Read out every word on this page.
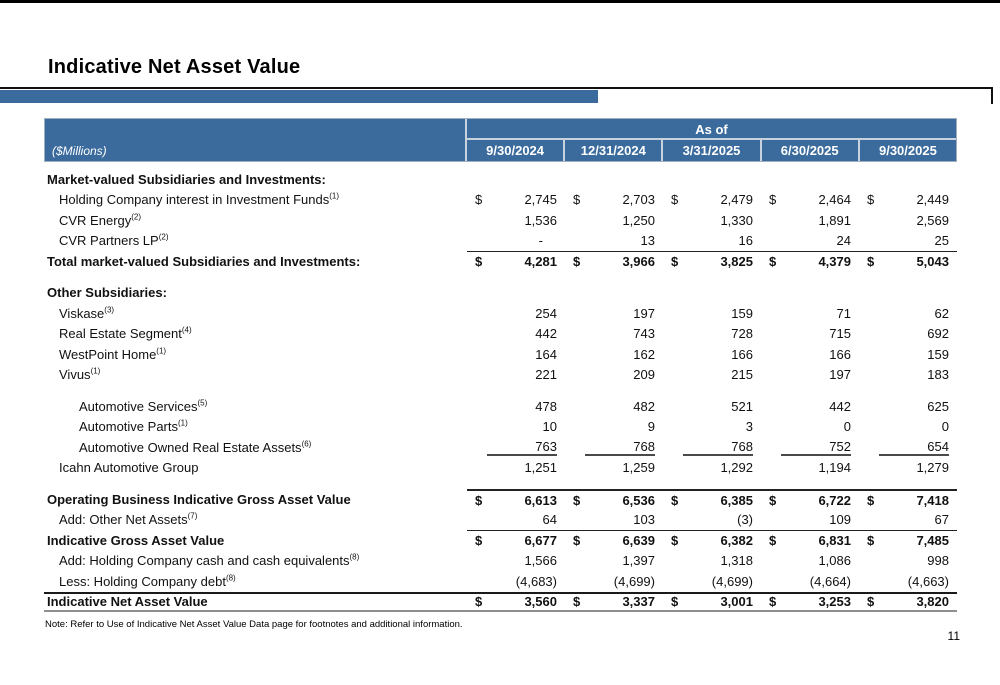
Indicative Net Asset Value
($Millions)
As of
9/30/2024	12/31/2024	3/31/2025	6/30/2025	9/30/2025
Market-valued Subsidiaries and Investments:
Holding Company interest in Investment Funds$^{(1)}$	$	2,745 $	2,703 $	2,479 $	2,464 $	2,449
CVR Energy$^{(2)}$	1,536	1,250	1,330	1,891	2,569
CVR Partners LP$^{(2)}$	-	13	16	24	25
Total market-valued Subsidiaries and Investments:	$	4,281 $	3,966 $	3,825 $	4,379 $	5,043
Other Subsidiaries:
Viskase$^{(3)}$	254	197	159	71	62
Real Estate Segment$^{(4)}$	442	743	728	715	692
WestPoint Home$^{(1)}$	164	162	166	166	159
Vivus$^{(1)}$	221	209	215	197	183
Automotive Services$^{(5)}$	478	482	521	442	625
Automotive Parts$^{(1)}$	10	9	3	0	0
Automotive Owned Real Estate Assets$^{(6)}$	763	768	768	752	654
Icahn Automotive Group	1,251	1,259	1,292	1,194	1,279
Operating Business Indicative Gross Asset Value	$	6,613 $	6,536 $	6,385 $	6,722 $	7,418
Add: Other Net Assets$^{(7)}$	64	103	(3)	109	67
Indicative Gross Asset Value	$	6,677 $	6,639 $	6,382 $	6,831 $	7,485
Add: Holding Company cash and cash equivalents$^{(8)}$	1,566	1,397	1,318	1,086	998
Less: Holding Company debt$^{(8)}$	(4,683)	(4,699)	(4,699)	(4,664)	(4,663)
Indicative Net Asset Value	$	3,560 $	3,337 $	3,001 $	3,253 $	3,820
Note: Refer to Use of Indicative Net Asset Value Data page for footnotes and additional information.
11
